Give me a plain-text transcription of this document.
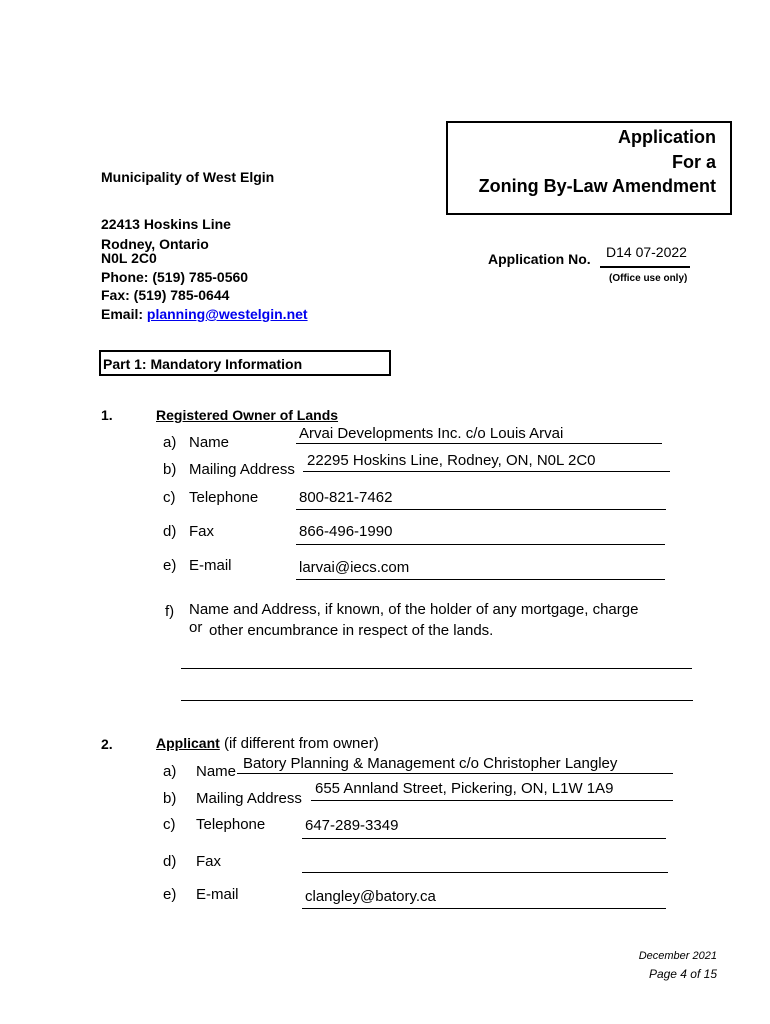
Municipality of West Elgin
22413 Hoskins Line
Rodney, Ontario
N0L 2C0
Phone: (519) 785-0560
Fax: (519) 785-0644
Email: planning@westelgin.net
Application
For a
Zoning By-Law Amendment
Application No. D14 07-2022
(Office use only)
Part 1: Mandatory Information
1.	Registered Owner of Lands
a) Name
Arvai Developments Inc. c/o Louis Arvai
b) Mailing Address
22295 Hoskins Line, Rodney, ON, N0L 2C0
c) Telephone	800-821-7462
d) Fax	866-496-1990
e) E-mail	larvai@iecs.com
f) Name and Address, if known, of the holder of any mortgage, charge
or other encumbrance in respect of the lands.
2.	Applicant (if different from owner)
a) Name Batory Planning & Management c/o Christopher Langley
b) Mailing Address
655 Annland Street, Pickering, ON, L1W 1A9
c) Telephone	647-289-3349
d) Fax
e) E-mail	clangley@batory.ca
December 2021
Page 4 of 15
